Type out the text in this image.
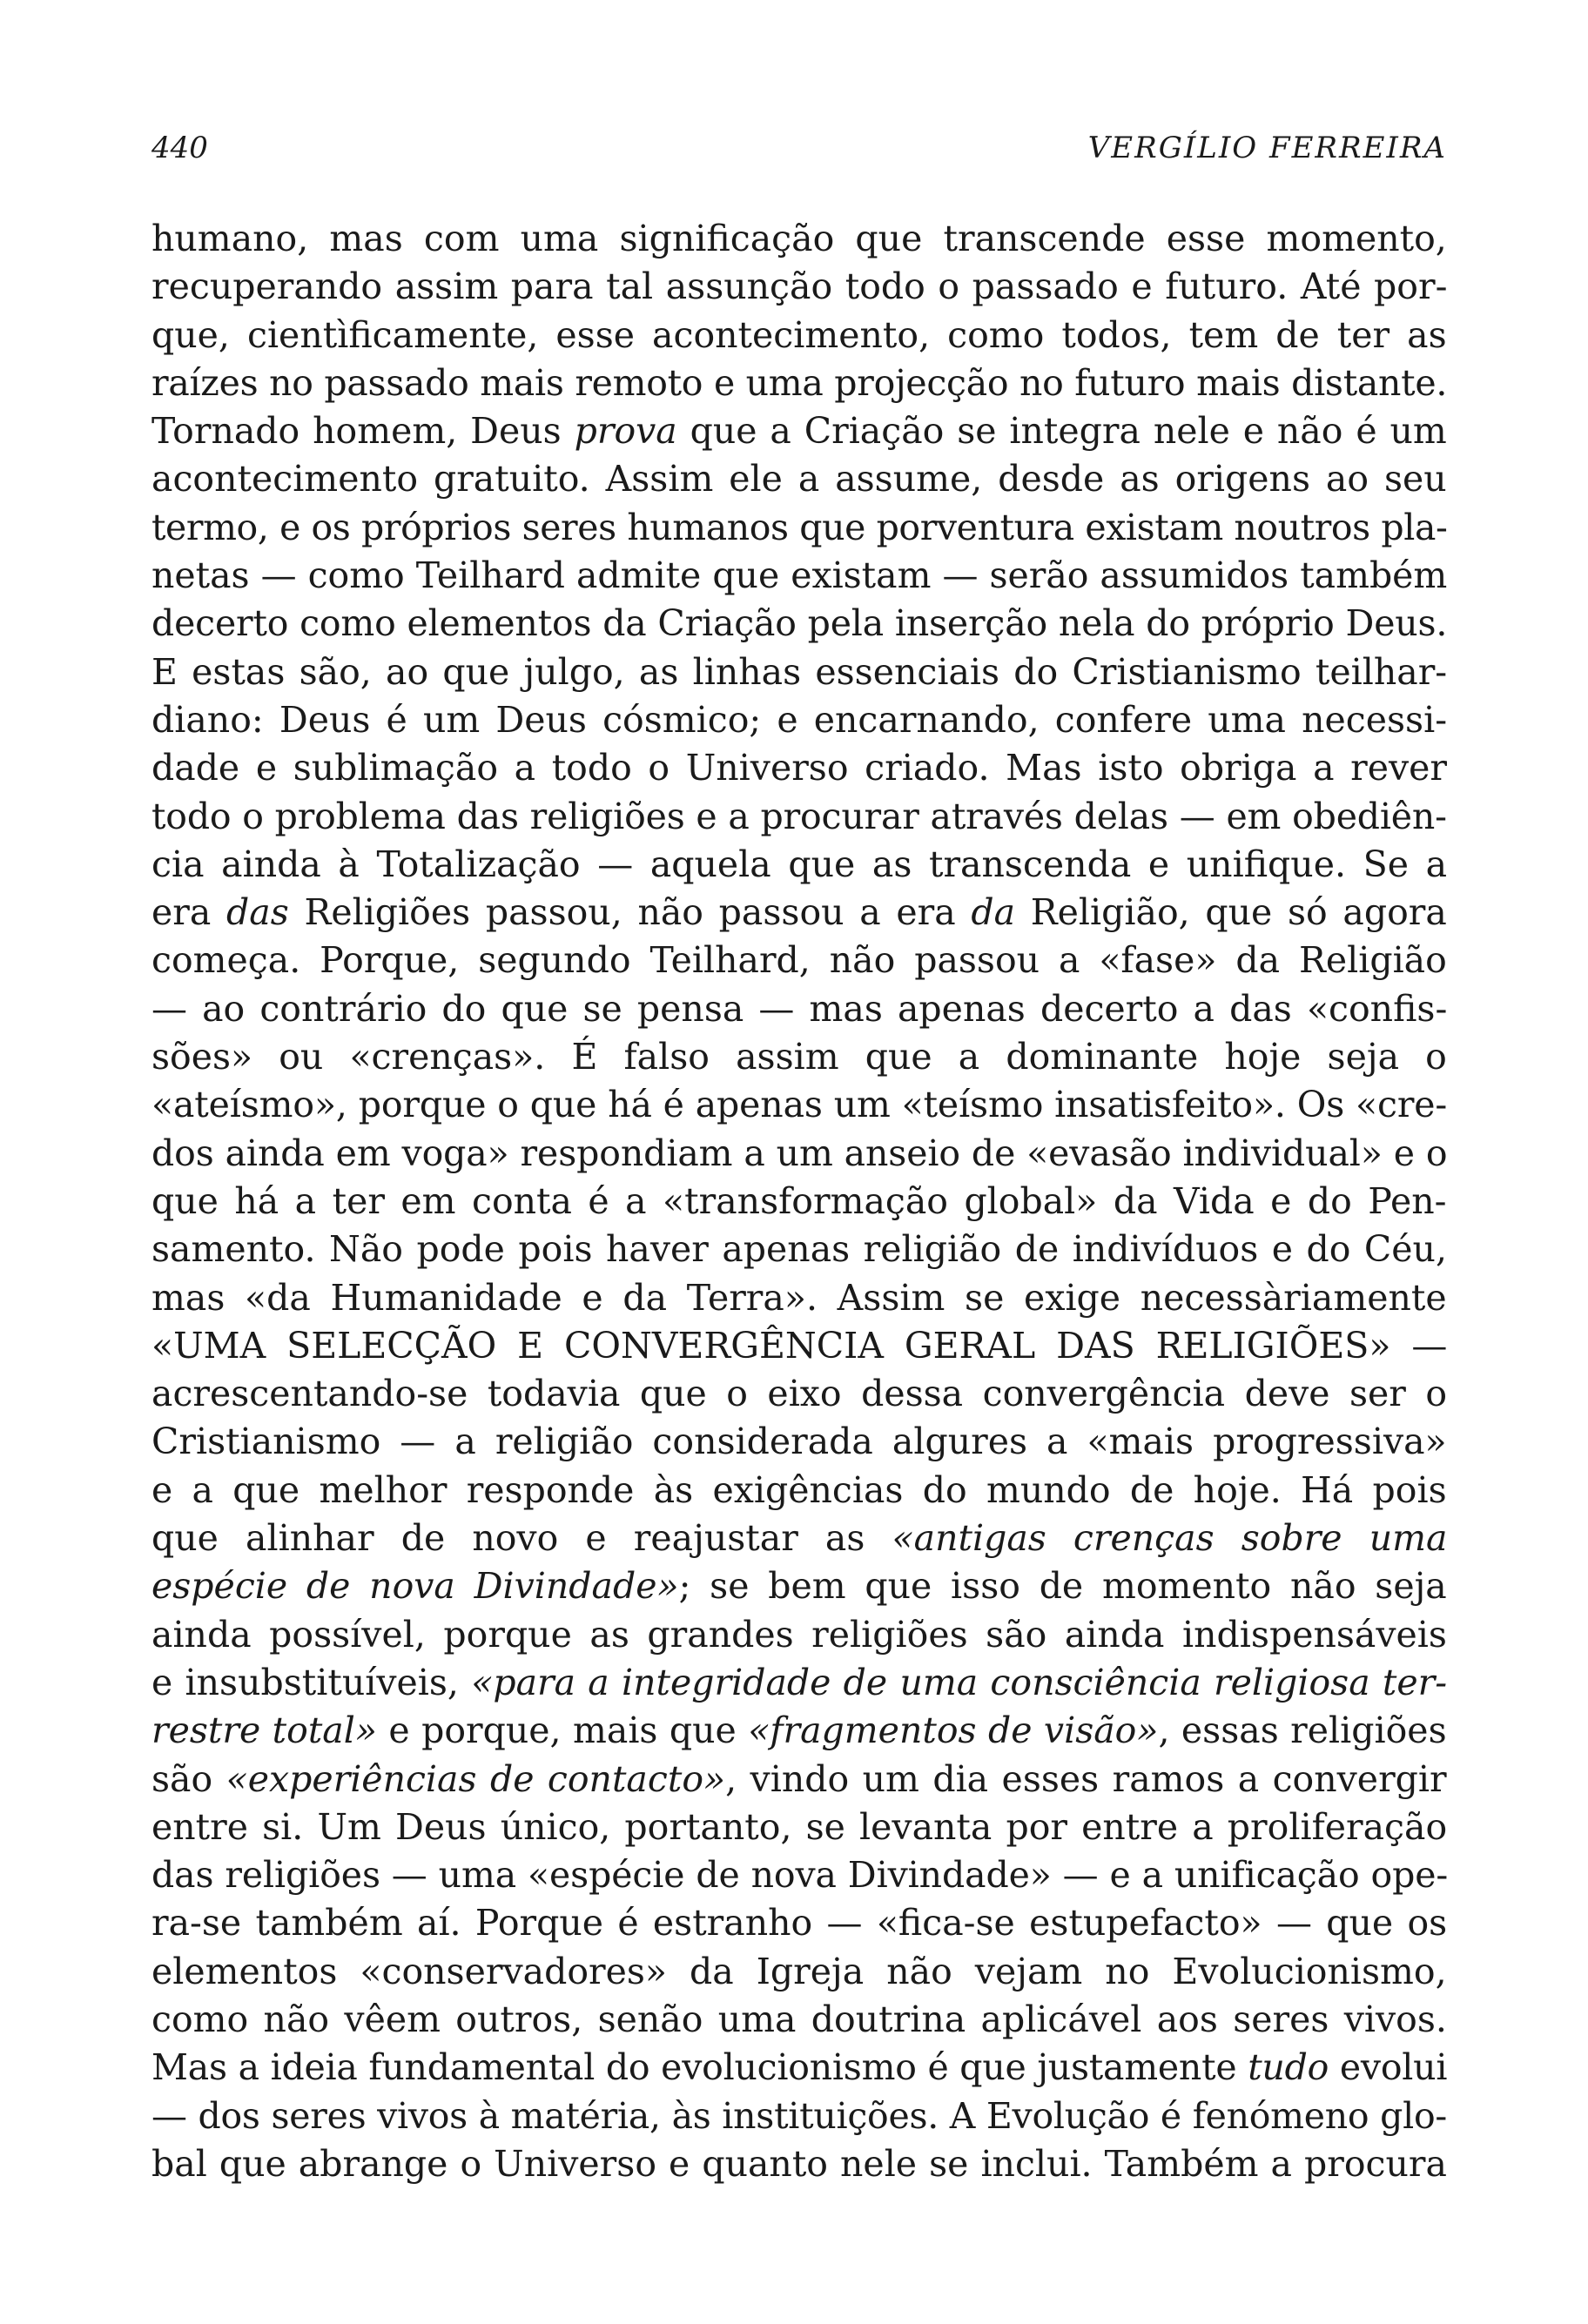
440	VERGÍLIO FERREIRA
humano, mas com uma significação que transcende esse momento,
recuperando assim para tal assunção todo o passado e futuro. Até por-
que, cientìficamente, esse acontecimento, como todos, tem de ter as
raízes no passado mais remoto e uma projecção no futuro mais distante.
Tornado homem, Deus prova que a Criação se integra nele e não é um
acontecimento gratuito. Assim ele a assume, desde as origens ao seu
termo, e os próprios seres humanos que porventura existam noutros pla-
netas — como Teilhard admite que existam — serão assumidos também
decerto como elementos da Criação pela inserção nela do próprio Deus.
E estas são, ao que julgo, as linhas essenciais do Cristianismo teilhar-
diano: Deus é um Deus cósmico; e encarnando, confere uma necessi-
dade e sublimação a todo o Universo criado. Mas isto obriga a rever
todo o problema das religiões e a procurar através delas — em obediên-
cia ainda à Totalização — aquela que as transcenda e unifique. Se a
era das Religiões passou, não passou a era da Religião, que só agora
começa. Porque, segundo Teilhard, não passou a «fase» da Religião
— ao contrário do que se pensa — mas apenas decerto a das «confis-
sões» ou «crenças». É falso assim que a dominante hoje seja o
«ateísmo», porque o que há é apenas um «teísmo insatisfeito». Os «cre-
dos ainda em voga» respondiam a um anseio de «evasão individual» e o
que há a ter em conta é a «transformação global» da Vida e do Pen-
samento. Não pode pois haver apenas religião de indivíduos e do Céu,
mas «da Humanidade e da Terra». Assim se exige necessàriamente
«UMA SELECÇÃO E CONVERGÊNCIA GERAL DAS RELIGIÕES» —
acrescentando-se todavia que o eixo dessa convergência deve ser o
Cristianismo — a religião considerada algures a «mais progressiva»
e a que melhor responde às exigências do mundo de hoje. Há pois
que alinhar de novo e reajustar as «antigas crenças sobre uma
espécie de nova Divindade»; se bem que isso de momento não seja
ainda possível, porque as grandes religiões são ainda indispensáveis
e insubstituíveis, «para a integridade de uma consciência religiosa ter-
restre total» e porque, mais que «fragmentos de visão», essas religiões
são «experiências de contacto», vindo um dia esses ramos a convergir
entre si. Um Deus único, portanto, se levanta por entre a proliferação
das religiões — uma «espécie de nova Divindade» — e a unificação ope-
ra-se também aí. Porque é estranho — «fica-se estupefacto» — que os
elementos «conservadores» da Igreja não vejam no Evolucionismo,
como não vêem outros, senão uma doutrina aplicável aos seres vivos.
Mas a ideia fundamental do evolucionismo é que justamente tudo evolui
— dos seres vivos à matéria, às instituições. A Evolução é fenómeno glo-
bal que abrange o Universo e quanto nele se inclui. Também a procura
